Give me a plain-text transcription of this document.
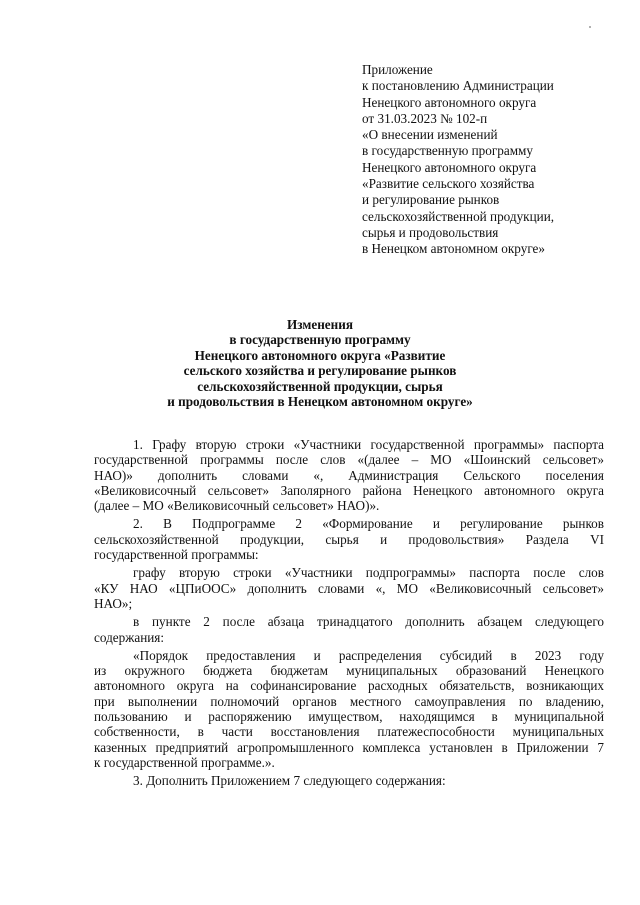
Приложение
к постановлению Администрации
Ненецкого автономного округа
от 31.03.2023 № 102-п
«О внесении изменений
в государственную программу
Ненецкого автономного округа
«Развитие сельского хозяйства
и регулирование рынков
сельскохозяйственной продукции,
сырья и продовольствия
в Ненецком автономном округе»
Изменения
в государственную программу
Ненецкого автономного округа «Развитие
сельского хозяйства и регулирование рынков
сельскохозяйственной продукции, сырья
и продовольствия в Ненецком автономном округе»
1. Графу вторую строки «Участники государственной программы» паспорта
государственной программы после слов «(далее – МО «Шоинский сельсовет»
НАО)» дополнить словами «, Администрация Сельского поселения
«Великовисочный сельсовет» Заполярного района Ненецкого автономного округа
(далее – МО «Великовисочный сельсовет» НАО)».
2. В Подпрограмме 2 «Формирование и регулирование рынков
сельскохозяйственной продукции, сырья и продовольствия» Раздела VI
государственной программы:
графу вторую строки «Участники подпрограммы» паспорта после слов
«КУ НАО «ЦПиООС» дополнить словами «, МО «Великовисочный сельсовет»
НАО»;
в пункте 2 после абзаца тринадцатого дополнить абзацем следующего
содержания:
«Порядок предоставления и распределения субсидий в 2023 году
из окружного бюджета бюджетам муниципальных образований Ненецкого
автономного округа на софинансирование расходных обязательств, возникающих
при выполнении полномочий органов местного самоуправления по владению,
пользованию и распоряжению имуществом, находящимся в муниципальной
собственности, в части восстановления платежеспособности муниципальных
казенных предприятий агропромышленного комплекса установлен в Приложении 7
к государственной программе.».
3. Дополнить Приложением 7 следующего содержания:
